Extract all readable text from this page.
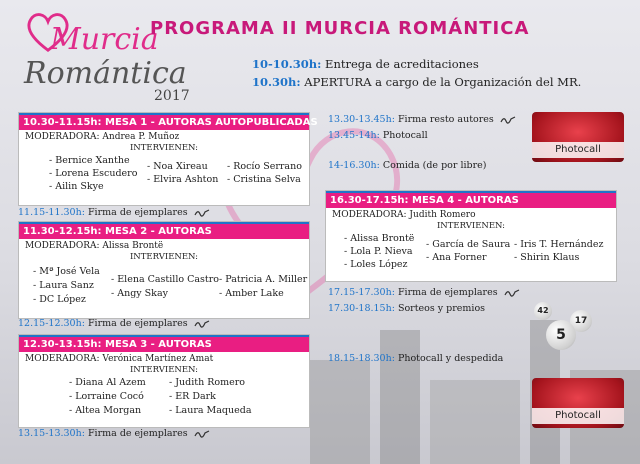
Murcia
Romántica
2017
PROGRAMA II MURCIA ROMÁNTICA
10-10.30h: Entrega de acreditaciones
10.30h: APERTURA a cargo de la Organización del MR.
10.30-11.15h: MESA 1 - AUTORAS AUTOPUBLICADAS
MODERADORA: Andrea P. Muñoz
INTERVIENEN:
- Bernice Xanthe
- Lorena Escudero
- Ailin Skye
- Noa Xireau
- Elvira Ashton
- Rocío Serrano
- Cristina Selva
11.15-11.30h: Firma de ejemplares
11.30-12.15h: MESA 2 - AUTORAS
MODERADORA: Alissa Brontë
INTERVIENEN:
- Mª José Vela
- Laura Sanz
- DC López
- Elena Castillo Castro
- Angy Skay
- Patricia A. Miller
- Amber Lake
12.15-12.30h: Firma de ejemplares
12.30-13.15h: MESA 3 - AUTORAS
MODERADORA: Verónica Martínez Amat
INTERVIENEN:
- Diana Al Azem
- Lorraine Cocó
- Altea Morgan
- Judith Romero
- ER Dark
- Laura Maqueda
13.15-13.30h: Firma de ejemplares
13.30-13.45h: Firma resto autores
13.45-14h: Photocall
Photocall
14-16.30h: Comida (de por libre)
16.30-17.15h: MESA 4 - AUTORAS
MODERADORA: Judith Romero
INTERVIENEN:
- Alissa Brontë
- Lola P. Nieva
- Loles López
- García de Saura
- Ana Forner
- Iris T. Hernández
- Shirin Klaus
17.15-17.30h: Firma de ejemplares
17.30-18.15h: Sorteos y premios	42
17
5
18.15-18.30h: Photocall y despedida
Photocall
